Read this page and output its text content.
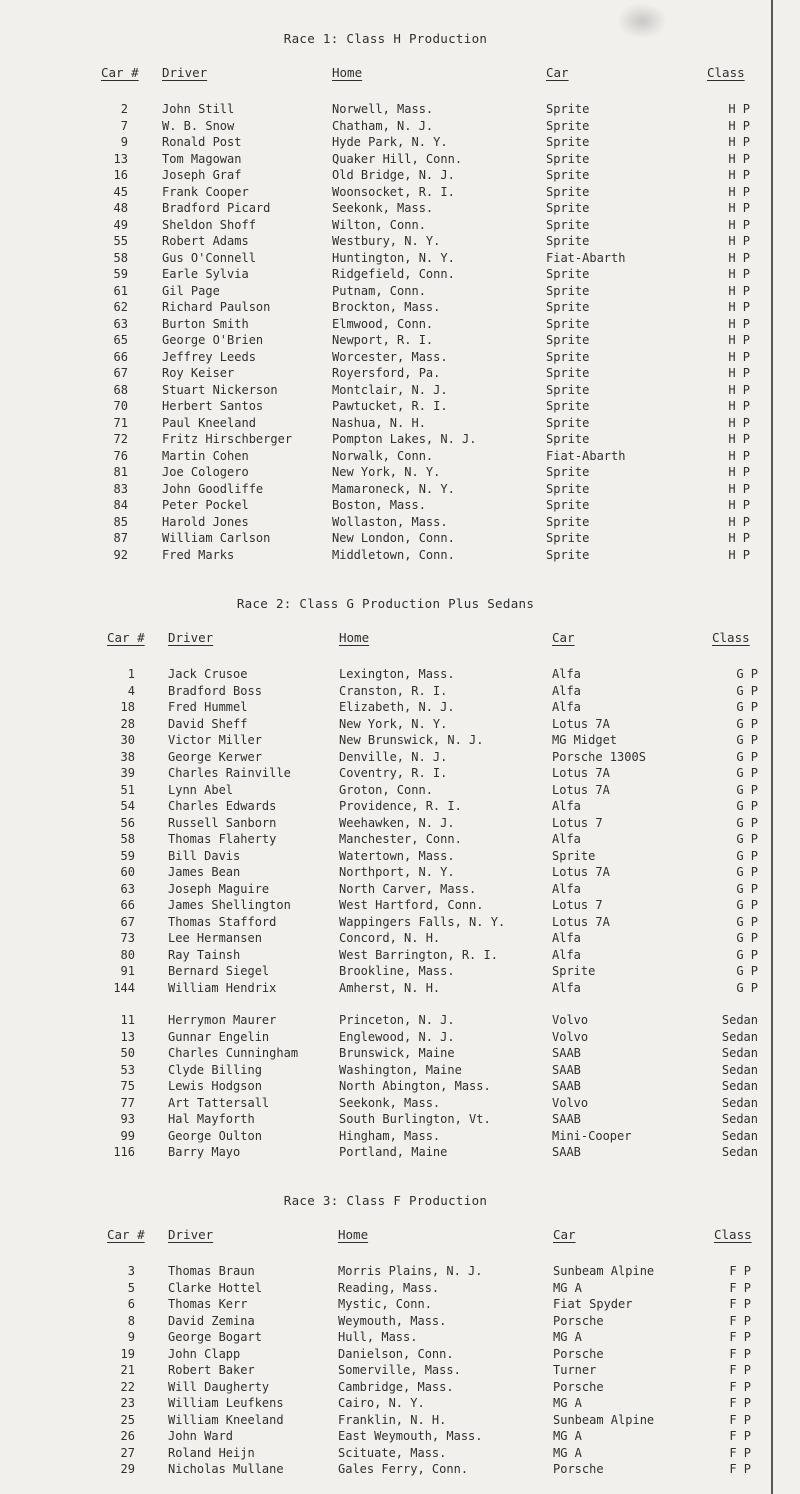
Race 1: Class H Production
Car # Driver	Home	Car	Class
2	John Still	Norwell, Mass.	Sprite	H P
7	W. B. Snow	Chatham, N. J.	Sprite	H P
9	Ronald Post	Hyde Park, N. Y.	Sprite	H P
13	Tom Magowan	Quaker Hill, Conn.	Sprite	H P
16	Joseph Graf	Old Bridge, N. J.	Sprite	H P
45	Frank Cooper	Woonsocket, R. I.	Sprite	H P
48	Bradford Picard	Seekonk, Mass.	Sprite	H P
49	Sheldon Shoff	Wilton, Conn.	Sprite	H P
55	Robert Adams	Westbury, N. Y.	Sprite	H P
58	Gus O'Connell	Huntington, N. Y.	Fiat-Abarth	H P
59	Earle Sylvia	Ridgefield, Conn.	Sprite	H P
61	Gil Page	Putnam, Conn.	Sprite	H P
62	Richard Paulson	Brockton, Mass.	Sprite	H P
63	Burton Smith	Elmwood, Conn.	Sprite	H P
65	George O'Brien	Newport, R. I.	Sprite	H P
66	Jeffrey Leeds	Worcester, Mass.	Sprite	H P
67	Roy Keiser	Royersford, Pa.	Sprite	H P
68	Stuart Nickerson	Montclair, N. J.	Sprite	H P
70	Herbert Santos	Pawtucket, R. I.	Sprite	H P
71	Paul Kneeland	Nashua, N. H.	Sprite	H P
72	Fritz Hirschberger	Pompton Lakes, N. J.	Sprite	H P
76	Martin Cohen	Norwalk, Conn.	Fiat-Abarth	H P
81	Joe Cologero	New York, N. Y.	Sprite	H P
83	John Goodliffe	Mamaroneck, N. Y.	Sprite	H P
84	Peter Pockel	Boston, Mass.	Sprite	H P
85	Harold Jones	Wollaston, Mass.	Sprite	H P
87	William Carlson	New London, Conn.	Sprite	H P
92	Fred Marks	Middletown, Conn.	Sprite	H P
Race 2: Class G Production Plus Sedans
Car # Driver	Home	Car	Class
1	Jack Crusoe	Lexington, Mass.	Alfa	G P
4	Bradford Boss	Cranston, R. I.	Alfa	G P
18	Fred Hummel	Elizabeth, N. J.	Alfa	G P
28	David Sheff	New York, N. Y.	Lotus 7A	G P
30	Victor Miller	New Brunswick, N. J.	MG Midget	G P
38	George Kerwer	Denville, N. J.	Porsche 1300S	G P
39	Charles Rainville	Coventry, R. I.	Lotus 7A	G P
51	Lynn Abel	Groton, Conn.	Lotus 7A	G P
54	Charles Edwards	Providence, R. I.	Alfa	G P
56	Russell Sanborn	Weehawken, N. J.	Lotus 7	G P
58	Thomas Flaherty	Manchester, Conn.	Alfa	G P
59	Bill Davis	Watertown, Mass.	Sprite	G P
60	James Bean	Northport, N. Y.	Lotus 7A	G P
63	Joseph Maguire	North Carver, Mass.	Alfa	G P
66	James Shellington	West Hartford, Conn.	Lotus 7	G P
67	Thomas Stafford	Wappingers Falls, N. Y.	Lotus 7A	G P
73	Lee Hermansen	Concord, N. H.	Alfa	G P
80	Ray Tainsh	West Barrington, R. I.	Alfa	G P
91	Bernard Siegel	Brookline, Mass.	Sprite	G P
144	William Hendrix	Amherst, N. H.	Alfa	G P
11	Herrymon Maurer	Princeton, N. J.	Volvo	Sedan
13	Gunnar Engelin	Englewood, N. J.	Volvo	Sedan
50	Charles Cunningham	Brunswick, Maine	SAAB	Sedan
53	Clyde Billing	Washington, Maine	SAAB	Sedan
75	Lewis Hodgson	North Abington, Mass.	SAAB	Sedan
77	Art Tattersall	Seekonk, Mass.	Volvo	Sedan
93	Hal Mayforth	South Burlington, Vt.	SAAB	Sedan
99	George Oulton	Hingham, Mass.	Mini-Cooper	Sedan
116	Barry Mayo	Portland, Maine	SAAB	Sedan
Race 3: Class F Production
Car # Driver	Home	Car	Class
3	Thomas Braun	Morris Plains, N. J.	Sunbeam Alpine	F P
5	Clarke Hottel	Reading, Mass.	MG A	F P
6	Thomas Kerr	Mystic, Conn.	Fiat Spyder	F P
8	David Zemina	Weymouth, Mass.	Porsche	F P
9	George Bogart	Hull, Mass.	MG A	F P
19	John Clapp	Danielson, Conn.	Porsche	F P
21	Robert Baker	Somerville, Mass.	Turner	F P
22	Will Daugherty	Cambridge, Mass.	Porsche	F P
23	William Leufkens	Cairo, N. Y.	MG A	F P
25	William Kneeland	Franklin, N. H.	Sunbeam Alpine	F P
26	John Ward	East Weymouth, Mass.	MG A	F P
27	Roland Heijn	Scituate, Mass.	MG A	F P
29	Nicholas Mullane	Gales Ferry, Conn.	Porsche	F P
